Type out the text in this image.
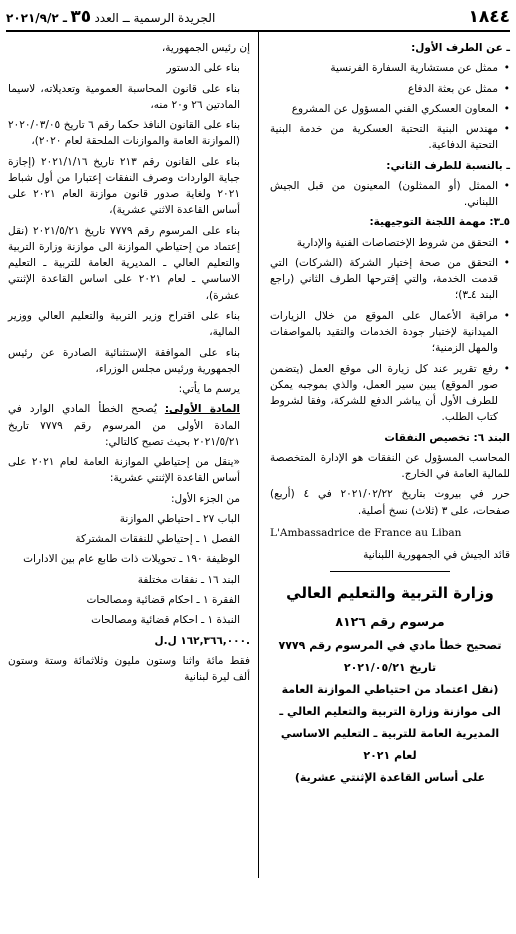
١٨٤٤
الجريدة الرسمية ــ العدد ٣٥ ـ ٢٠٢١/٩/٢

ـ عن الطرف الأول:

• ممثل عن مستشارية السفارة الفرنسية

• ممثل عن بعثة الدفاع

• المعاون العسكري الفني المسؤول عن المشروع

• مهندس البنية التحتية العسكرية من خدمة البنية التحتية الدفاعية.

ـ بالنسبة للطرف الثاني:

• الممثل (أو الممثلون) المعينون من قبل الجيش اللبناني.

٥ـ٣: مهمة اللجنة التوجيهية:

• التحقق من شروط الإختصاصات الفنية والإدارية

• التحقق من صحة إختيار الشركة (الشركات) التي قدمت الخدمة، والتي إقترحها الطرف الثاني (راجع البند ٤ـ٣)؛

• مراقبة الأعمال على الموقع من خلال الزيارات الميدانية لإختبار جودة الخدمات والتقيد بالمواصفات والمهل الزمنية؛

• رفع تقرير عند كل زيارة الى موقع العمل (يتضمن صور الموقع) يبين سير العمل، والذي بموجبه يمكن للطرف الأول أن يباشر الدفع للشركة، وفقا لشروط كتاب الطلب.

البند ٦: تخصيص النفقات

المحاسب المسؤول عن النفقات هو الإدارة المتخصصة للمالية العامة في الخارج.

حرر في بيروت بتاريخ ٢٠٢١/٠٢/٢٢ في ٤ (أربع) صفحات، على ٣ (ثلاث) نسخ أصلية.

L'Ambassadrice de France au Liban

قائد الجيش في الجمهورية اللبنانية

وزارة التربية والتعليم العالي

مرسوم رقم ٨١٢٦

تصحيح خطأ مادي في المرسوم رقم ٧٧٧٩

تاريخ ٢٠٢١/٠٥/٢١

(نقل اعتماد من احتياطي الموازنة العامة

الى موازنة وزارة التربية والتعليم العالي ـ

المديرية العامة للتربية ـ التعليم الاساسي

لعام ٢٠٢١

على أساس القاعدة الإثنتي عشرية)

إن رئيس الجمهورية،

بناء على الدستور

بناء على قانون المحاسبة العمومية وتعديلاته، لاسيما المادتين ٢٦ و٢٠ منه،

بناء على القانون النافذ حكما رقم ٦ تاريخ ٢٠٢٠/٠٣/٠٥ (الموازنة العامة والموازنات الملحقة لعام ٢٠٢٠)،

بناء على القانون رقم ٢١٣ تاريخ ٢٠٢١/١/١٦ (إجازة جباية الواردات وصرف النفقات إعتبارا من أول شباط ٢٠٢١ ولغاية صدور قانون موازنة العام ٢٠٢١ على أساس القاعدة الاثني عشرية)،

بناء على المرسوم رقم ٧٧٧٩ تاريخ ٢٠٢١/٥/٢١ (نقل إعتماد من إحتياطي الموازنة الى موازنة وزارة التربية والتعليم العالي ـ المديرية العامة للتربية ـ التعليم الاساسي ـ لعام ٢٠٢١ على اساس القاعدة الإثنتي عشرة)،

بناء على اقتراح وزير التربية والتعليم العالي ووزير المالية،

بناء على الموافقة الإستثنائية الصادرة عن رئيس الجمهورية ورئيس مجلس الوزراء،

يرسم ما يأتي:

المادة الأولى: يُصحح الخطأ المادي الوارد في المادة الأولى من المرسوم رقم ٧٧٧٩ تاريخ ٢٠٢١/٥/٢١ بحيث تصبح كالتالي:

«ينقل من إحتياطي الموازنة العامة لعام ٢٠٢١ على أساس القاعدة الإثنتي عشرية:

من الجزء الأول:

الباب ٢٧ ـ احتياطي الموازنة

الفصل ١ ـ إحتياطي للنفقات المشتركة

الوظيفة ١٩٠ ـ تحويلات ذات طابع عام بين الادارات

البند ١٦ ـ نفقات مختلفة

الفقرة ١ ـ احكام قضائية ومصالحات

النبذة ١ ـ احكام قضائية ومصالحات

١٦٢,٣٦٦,٠٠٠ ل.ل.

فقط مائة واثنا وستون مليون وثلاثمائة وستة وستون ألف ليرة لبنانية
